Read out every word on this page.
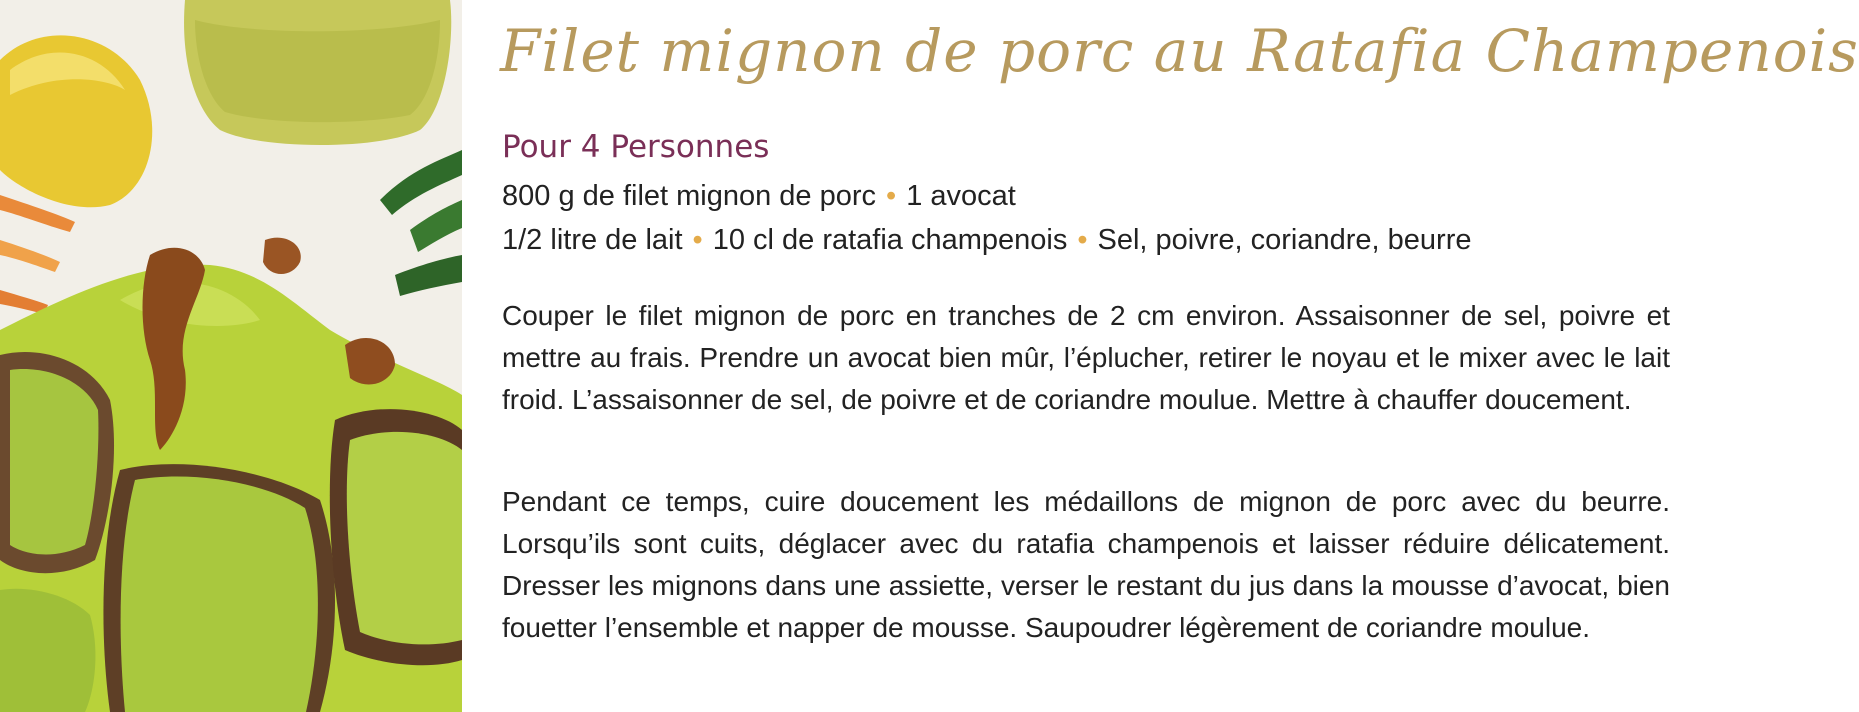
Filet mignon de porc au Ratafia Champenois
Pour 4 Personnes
800 g de filet mignon de porc • 1 avocat
1/2 litre de lait • 10 cl de ratafia champenois • Sel, poivre, coriandre, beurre

Couper le filet mignon de porc en tranches de 2 cm environ. Assaisonner de sel, poivre et mettre au frais. Prendre un avocat bien mûr, l’éplucher, retirer le noyau et le mixer avec le lait froid. L’assaisonner de sel, de poivre et de coriandre moulue. Mettre à chauffer doucement.

Pendant ce temps, cuire doucement les médaillons de mignon de porc avec du beurre. Lorsqu’ils sont cuits, déglacer avec du ratafia champenois et laisser réduire délicatement. Dresser les mignons dans une assiette, verser le restant du jus dans la mousse d’avocat, bien fouetter l’ensemble et napper de mousse. Saupoudrer légèrement de coriandre moulue.
